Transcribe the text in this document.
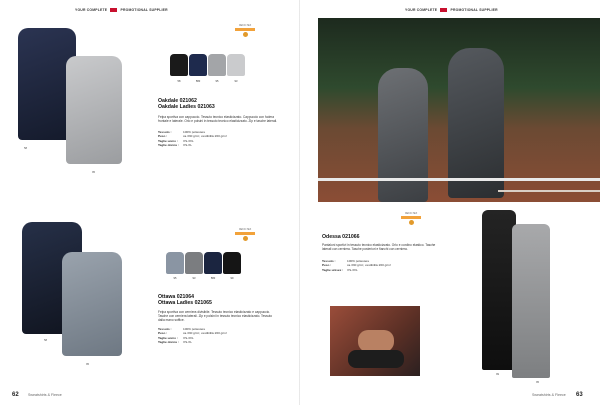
YOUR COMPLETE	PROMOTIONAL SUPPLIER
58
95
58	580	95	93
OEKO-TEX
Oakdale 021062
Oakdale Ladies 021063
Felpa sportiva con cappuccio. Tessuto tecnico elasticizzato. Cappuccio con foderа frontale e laterale. Orlo e polsini in tessuto tecnico elasticizzato. Zip e tasche laterali.
Tessuto :	100% poliestere
Peso :	ca.330 g/m², vestibilità 260 g/m²
Taglie uomo : XS-3XL
Taglie donna : XS-XL
58
95
95	93	580	99
OEKO-TEX
Ottawa 021064
Ottawa Ladies 021065
Felpa sportiva con cerniera divisibile. Tessuto tecnico elasticizzato e cappuccio. Tasche con cerniera laterali. Zip e polsini in tessuto tecnico elasticizzato. Tessuto dalla mano soffice.
Tessuto :	100% poliestere
Peso :	ca.330 g/m², vestibilità 260 g/m²
Taglie uomo : XS-3XL
Taglie donna : XS-XL
62	Sweatshirts & Fleece
YOUR COMPLETE	PROMOTIONAL SUPPLIER
OEKO-TEX
Odessa 021066
Pantaloni sportivi in tessuto tecnico elasticizzato. Orlo e cordino elastico. Tasche laterali con cerniera. Tasche posteriori e fianchi con cerniera.
Tessuto :	100% poliestere
Peso :	ca.330 g/m², vestibilità 260 g/m²
Taglie unisex : XS-3XL
99
95
Sweatshirts & Fleece 63
